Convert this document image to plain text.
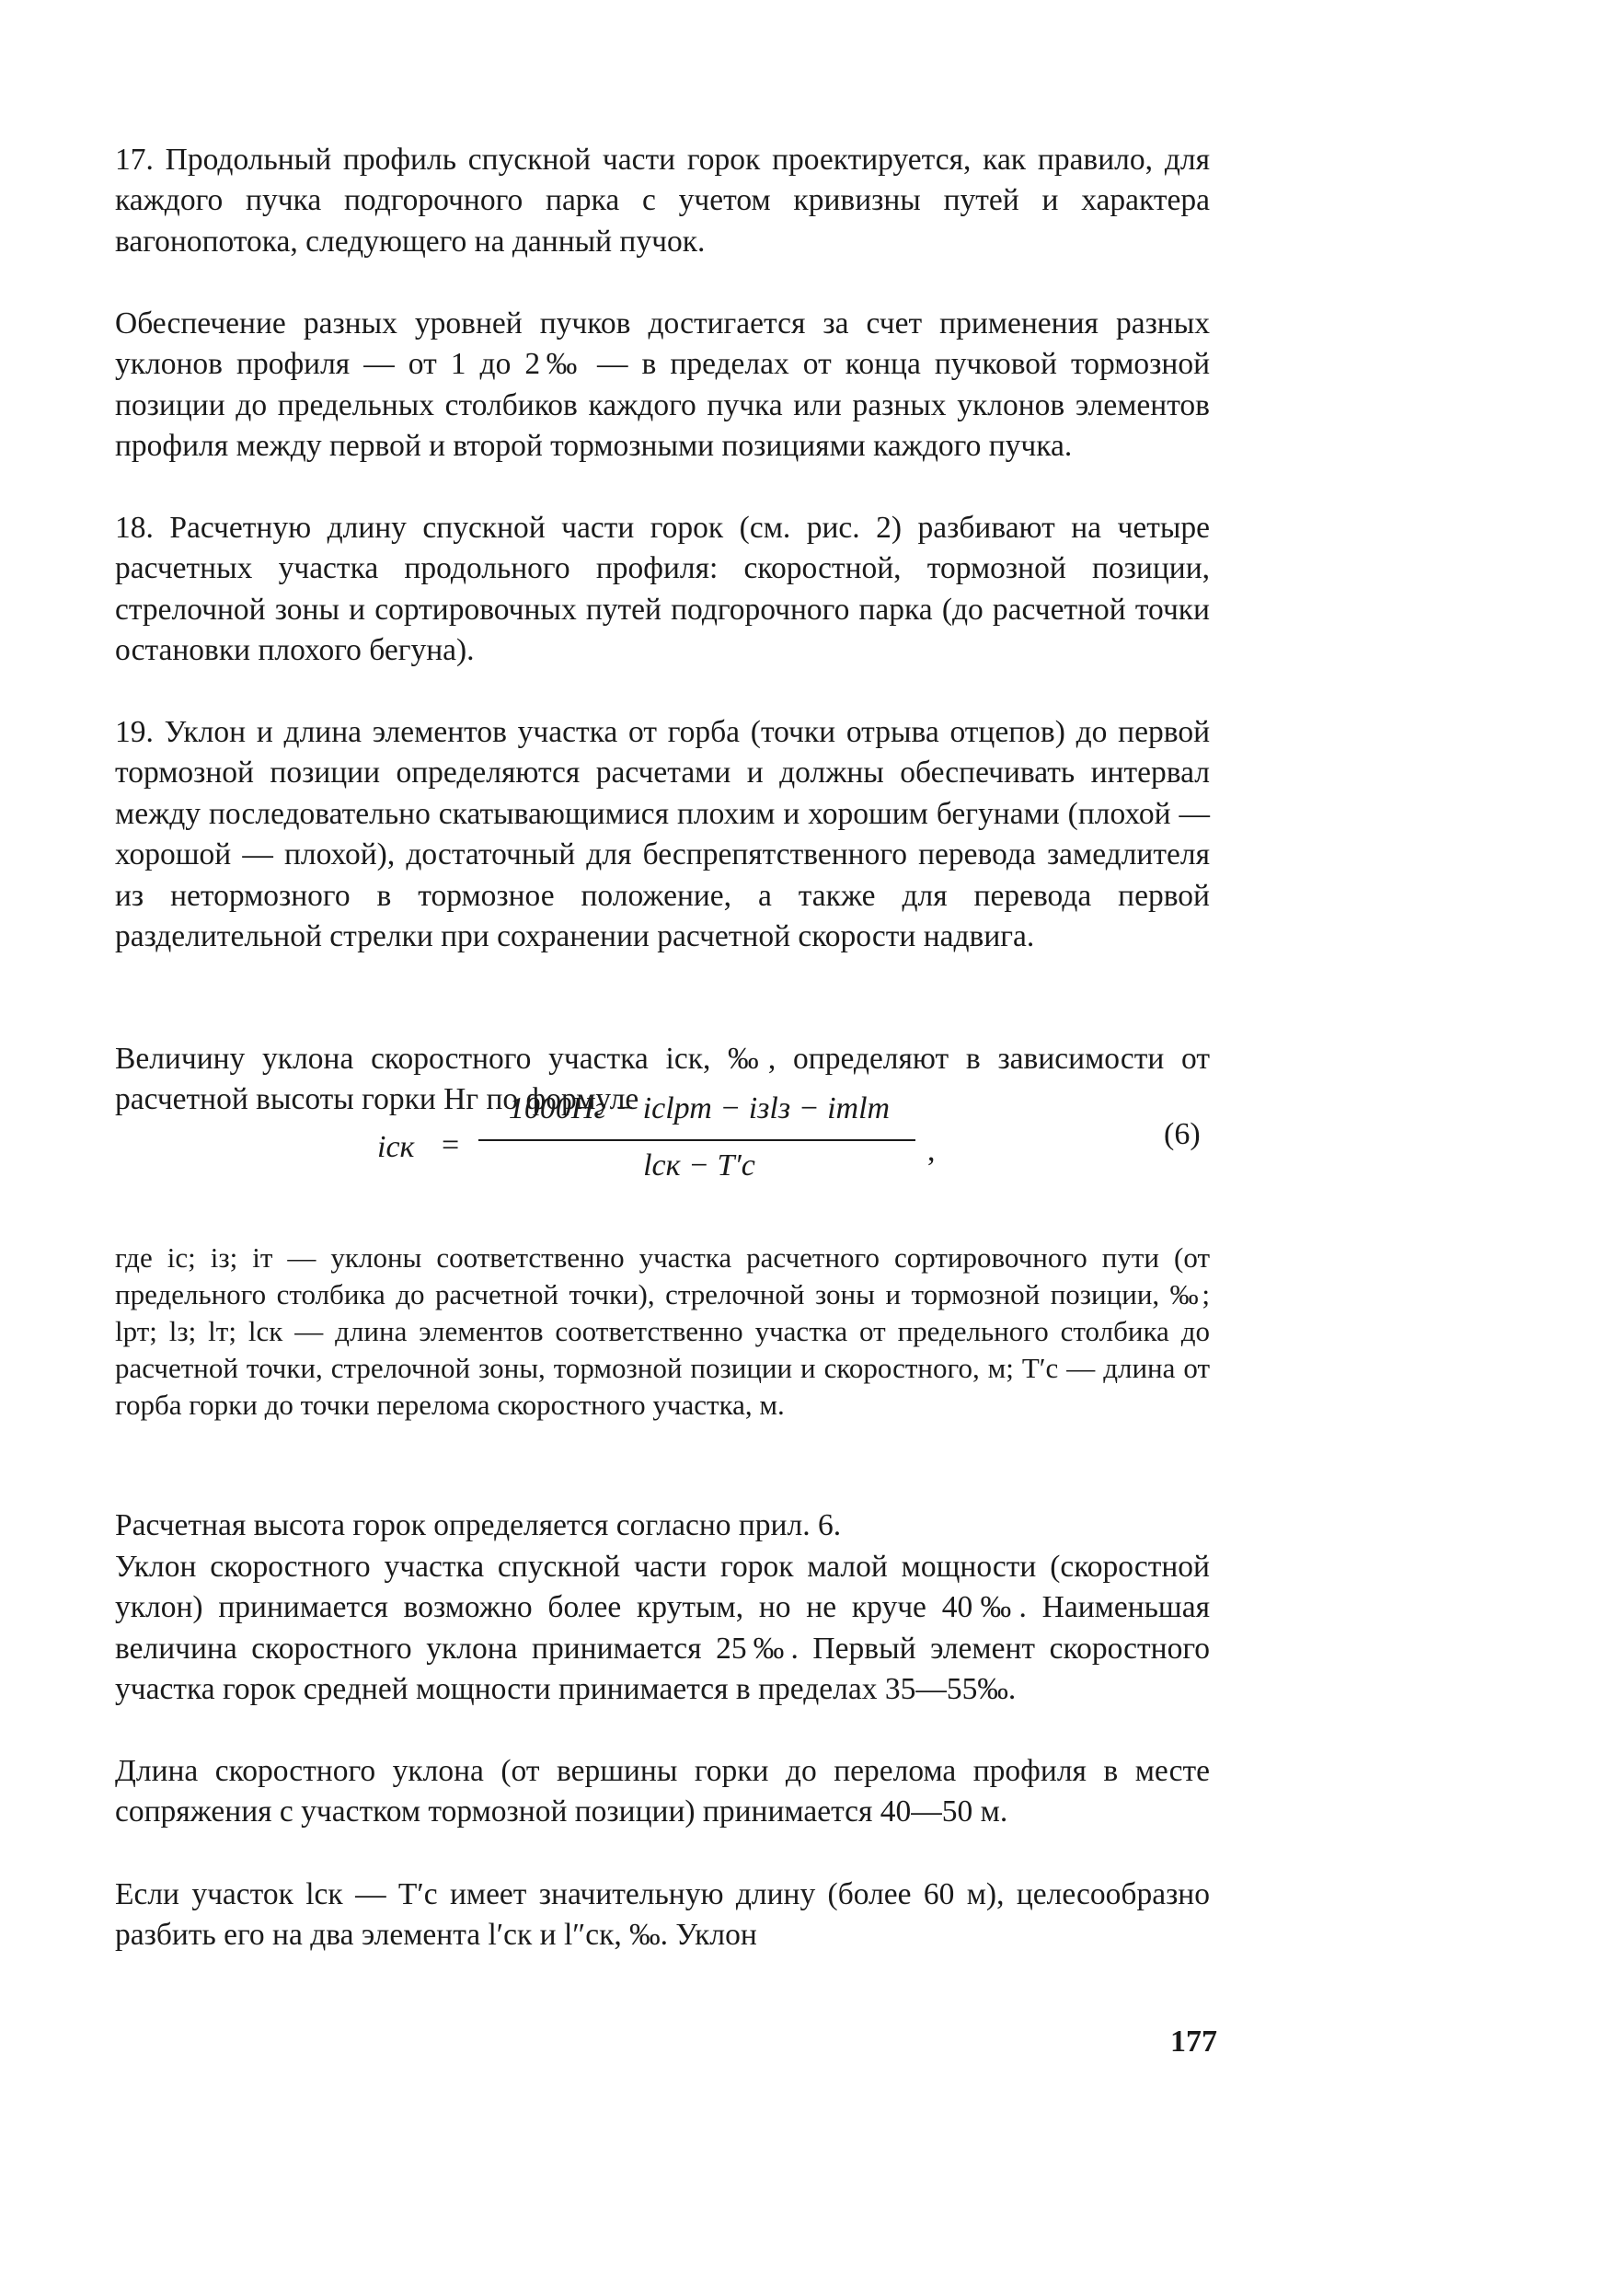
17. Продольный профиль спускной части горок проектируется, как правило, для каждого пучка подгорочного парка с учетом кривизны путей и характера вагонопотока, следующего на данный пучок.

Обеспечение разных уровней пучков достигается за счет применения разных уклонов профиля — от 1 до 2‰ — в пределах от конца пучковой тормозной позиции до предельных столбиков каждого пучка или разных уклонов элементов профиля между первой и второй тормозными позициями каждого пучка.

18. Расчетную длину спускной части горок (см. рис. 2) разбивают на четыре расчетных участка продольного профиля: скоростной, тормозной позиции, стрелочной зоны и сортировочных путей подгорочного парка (до расчетной точки остановки плохого бегуна).

19. Уклон и длина элементов участка от горба (точки отрыва отцепов) до первой тормозной позиции определяются расчетами и должны обеспечивать интервал между последовательно скатывающимися плохим и хорошим бегунами (плохой — хорошой — плохой), достаточный для беспрепятственного перевода замедлителя из нетормозного в тормозное положение, а также для перевода первой разделительной стрелки при сохранении расчетной скорости надвига.

Величину уклона скоростного участка iск, ‰, определяют в зависимости от расчетной высоты горки Hг по формуле

iск =
1000Hг − iсlрт − iзlз − iтlт
lск − T′с	,	(6)

где iс; iз; iт — уклоны соответственно участка расчетного сортировочного пути (от предельного столбика до расчетной точки), стрелочной зоны и тормозной позиции, ‰; lрт; lз; lт; lск — длина элементов соответственно участка от предельного столбика до расчетной точки, стрелочной зоны, тормозной позиции и скоростного, м; T′с — длина от горба горки до точки перелома скоростного участка, м.

Расчетная высота горок определяется согласно прил. 6.

Уклон скоростного участка спускной части горок малой мощности (скоростной уклон) принимается возможно более крутым, но не круче 40‰. Наименьшая величина скоростного уклона принимается 25‰. Первый элемент скоростного участка горок средней мощности принимается в пределах 35—55‰.

Длина скоростного уклона (от вершины горки до перелома профиля в месте сопряжения с участком тормозной позиции) принимается 40—50 м.

Если участок lск — T′с имеет значительную длину (более 60 м), целесообразно разбить его на два элемента l′ск и l″ск, ‰. Уклон

177
